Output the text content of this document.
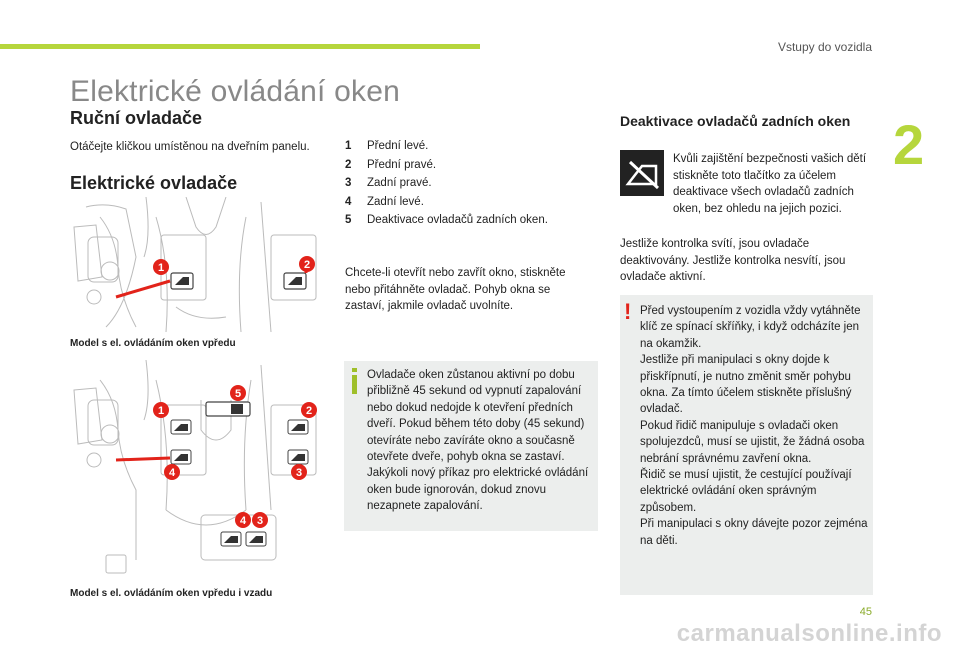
Vstupy do vozidla
2
Elektrické ovládání oken
Ruční ovladače
Otáčejte kličkou umístěnou na dveřním panelu.
Elektrické ovladače
1	2
Model s el. ovládáním oken vpředu
1
5
2
4	3
4 3
Model s el. ovládáním oken vpředu i vzadu
1 Přední levé.
2 Přední pravé.
3 Zadní pravé.
4 Zadní levé.
5 Deaktivace ovladačů zadních oken.
Chcete-li otevřít nebo zavřít okno, stiskněte nebo přitáhněte ovladač. Pohyb okna se zastaví, jakmile ovladač uvolníte.
Ovladače oken zůstanou aktivní po dobu přibližně 45 sekund od vypnutí zapalování nebo dokud nedojde k otevření předních dveří. Pokud během této doby (45 sekund) otevíráte nebo zavíráte okno a současně otevřete dveře, pohyb okna se zastaví. Jakýkoli nový příkaz pro elektrické ovládání oken bude ignorován, dokud znovu nezapnete zapalování.
Deaktivace ovladačů zadních oken
Kvůli zajištění bezpečnosti vašich dětí stiskněte toto tlačítko za účelem deaktivace všech ovladačů zadních oken, bez ohledu na jejich pozici.
Jestliže kontrolka svítí, jsou ovladače deaktivovány. Jestliže kontrolka nesvítí, jsou ovladače aktivní.
! Před vystoupením z vozidla vždy vytáhněte klíč ze spínací skříňky, i když odcházíte jen na okamžik.
Jestliže při manipulaci s okny dojde k přiskřípnutí, je nutno změnit směr pohybu okna. Za tímto účelem stiskněte příslušný ovladač.
Pokud řidič manipuluje s ovladači oken spolujezdců, musí se ujistit, že žádná osoba nebrání správnému zavření okna.
Řidič se musí ujistit, že cestující používají elektrické ovládání oken správným způsobem.
Při manipulaci s okny dávejte pozor zejména na děti.
45
carmanualsonline.info
